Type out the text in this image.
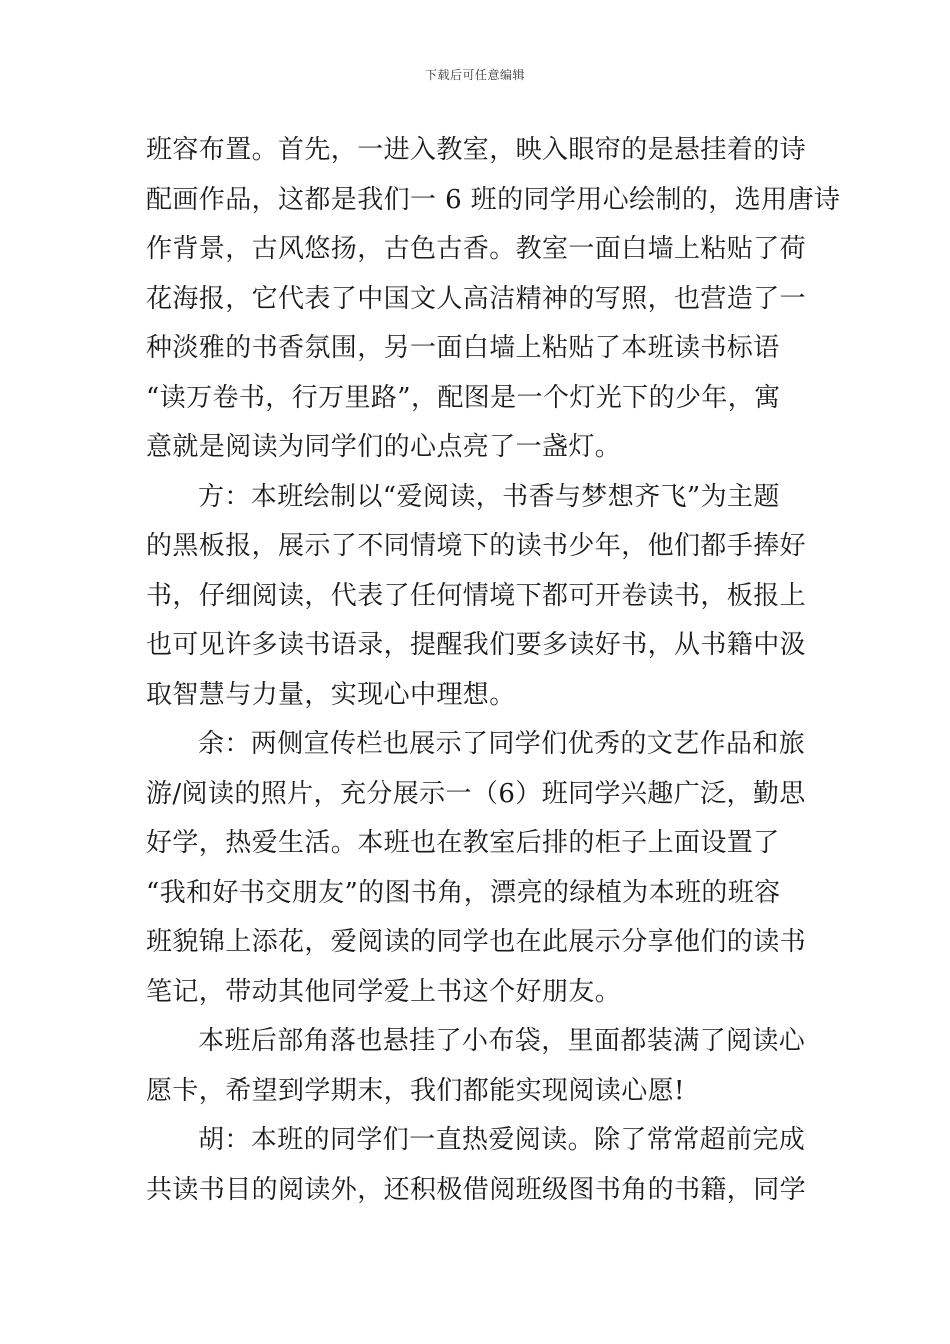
下载后可任意编辑
班容布置。首先，一进入教室，映入眼帘的是悬挂着的诗
配画作品，这都是我们一 6 班的同学用心绘制的，选用唐诗
作背景，古风悠扬，古色古香。教室一面白墙上粘贴了荷
花海报，它代表了中国文人高洁精神的写照，也营造了一
种淡雅的书香氛围，另一面白墙上粘贴了本班读书标语
“读万卷书，行万里路”，配图是一个灯光下的少年，寓
意就是阅读为同学们的心点亮了一盏灯。
方：本班绘制以“爱阅读，书香与梦想齐飞”为主题
的黑板报，展示了不同情境下的读书少年，他们都手捧好
书，仔细阅读，代表了任何情境下都可开卷读书，板报上
也可见许多读书语录，提醒我们要多读好书，从书籍中汲
取智慧与力量，实现心中理想。
余：两侧宣传栏也展示了同学们优秀的文艺作品和旅
游/阅读的照片，充分展示一（6）班同学兴趣广泛，勤思
好学，热爱生活。本班也在教室后排的柜子上面设置了
“我和好书交朋友”的图书角，漂亮的绿植为本班的班容
班貌锦上添花，爱阅读的同学也在此展示分享他们的读书
笔记，带动其他同学爱上书这个好朋友。
本班后部角落也悬挂了小布袋，里面都装满了阅读心
愿卡，希望到学期末，我们都能实现阅读心愿!
胡：本班的同学们一直热爱阅读。除了常常超前完成
共读书目的阅读外，还积极借阅班级图书角的书籍，同学
